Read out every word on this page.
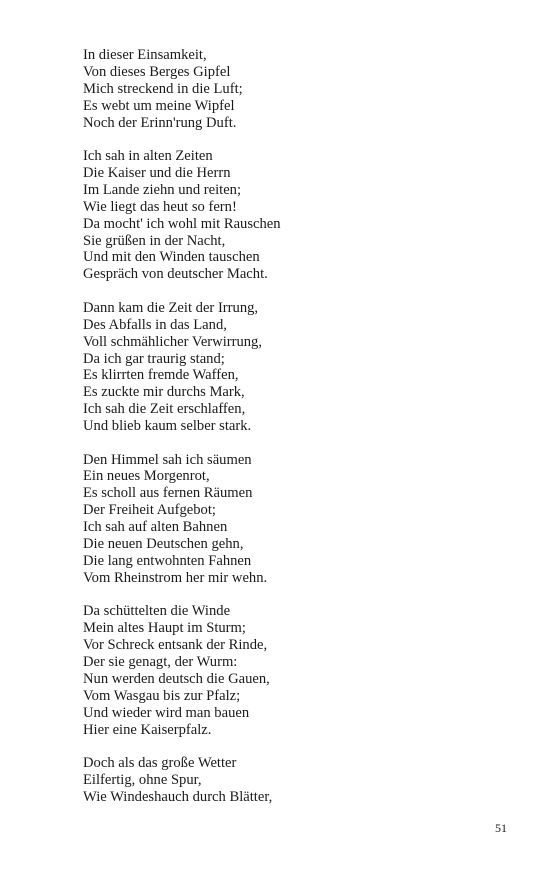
In dieser Einsamkeit,
Von dieses Berges Gipfel
Mich streckend in die Luft;
Es webt um meine Wipfel
Noch der Erinn'rung Duft.
Ich sah in alten Zeiten
Die Kaiser und die Herrn
Im Lande ziehn und reiten;
Wie liegt das heut so fern!
Da mocht' ich wohl mit Rauschen
Sie grüßen in der Nacht,
Und mit den Winden tauschen
Gespräch von deutscher Macht.
Dann kam die Zeit der Irrung,
Des Abfalls in das Land,
Voll schmählicher Verwirrung,
Da ich gar traurig stand;
Es klirrten fremde Waffen,
Es zuckte mir durchs Mark,
Ich sah die Zeit erschlaffen,
Und blieb kaum selber stark.
Den Himmel sah ich säumen
Ein neues Morgenrot,
Es scholl aus fernen Räumen
Der Freiheit Aufgebot;
Ich sah auf alten Bahnen
Die neuen Deutschen gehn,
Die lang entwohnten Fahnen
Vom Rheinstrom her mir wehn.
Da schüttelten die Winde
Mein altes Haupt im Sturm;
Vor Schreck entsank der Rinde,
Der sie genagt, der Wurm:
Nun werden deutsch die Gauen,
Vom Wasgau bis zur Pfalz;
Und wieder wird man bauen
Hier eine Kaiserpfalz.
Doch als das große Wetter
Eilfertig, ohne Spur,
Wie Windeshauch durch Blätter,
51
